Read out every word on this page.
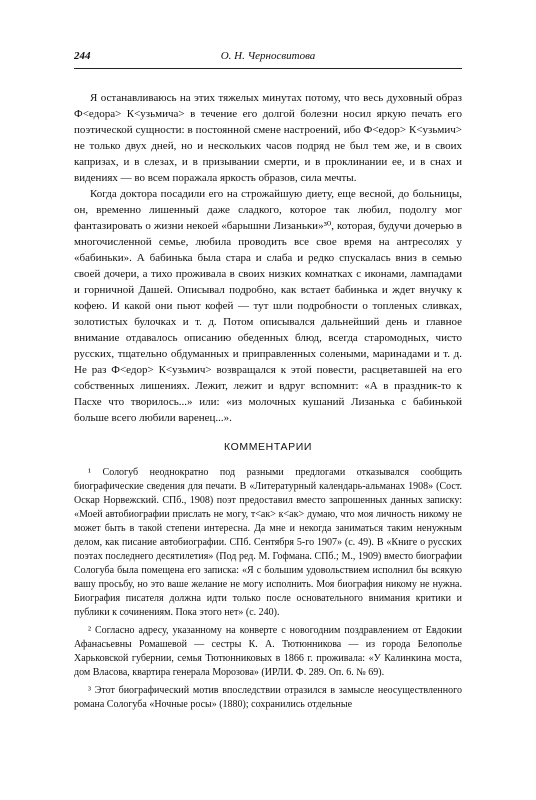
244	О. Н. Черносвитова

Я останавливаюсь на этих тяжелых минутах потому, что весь духовный образ Ф<едора> К<узьмича> в течение его долгой болезни носил яркую печать его поэтической сущности: в постоянной смене настроений, ибо Ф<едор> К<узьмич> не только двух дней, но и нескольких часов подряд не был тем же, и в своих капризах, и в слезах, и в призывании смерти, и в проклинании ее, и в снах и видениях — во всем поражала яркость образов, сила мечты.

Когда доктора посадили его на строжайшую диету, еще весной, до больницы, он, временно лишенный даже сладкого, которое так любил, подолгу мог фантазировать о жизни некоей «барышни Лизаньки»³⁰, которая, будучи дочерью в многочисленной семье, любила проводить все свое время на антресолях у «бабиньки». А бабинька была стара и слаба и редко спускалась вниз в семью своей дочери, а тихо проживала в своих низких комнатках с иконами, лампадами и горничной Дашей. Описывал подробно, как встает бабинька и ждет внучку к кофею. И какой они пьют кофей — тут шли подробности о топленых сливках, золотистых булочках и т. д. Потом описывался дальнейший день и главное внимание отдавалось описанию обеденных блюд, всегда старомодных, чисто русских, тщательно обдуманных и приправленных солеными, маринадами и т. д. Не раз Ф<едор> К<узьмич> возвращался к этой повести, расцветавшей на его собственных лишениях. Лежит, лежит и вдруг вспомнит: «А в праздник-то к Пасхе что творилось...» или: «из молочных кушаний Лизанька с бабинькой больше всего любили варенец...».

КОММЕНТАРИИ

¹ Сологуб неоднократно под разными предлогами отказывался сообщить биографические сведения для печати. В «Литературный календарь-альманах 1908» (Сост. Оскар Норвежский. СПб., 1908) поэт предоставил вместо запрошенных данных записку: «Моей автобиографии прислать не могу, т<ак> к<ак> думаю, что моя личность никому не может быть в такой степени интересна. Да мне и некогда заниматься таким ненужным делом, как писание автобиографии. СПб. Сентября 5-го 1907» (с. 49). В «Книге о русских поэтах последнего десятилетия» (Под ред. М. Гофмана. СПб.; М., 1909) вместо биографии Сологуба была помещена его записка: «Я с большим удовольствием исполнил бы всякую вашу просьбу, но это ваше желание не могу исполнить. Моя биография никому не нужна. Биография писателя должна идти только после основательного внимания критики и публики к сочинениям. Пока этого нет» (с. 240).

² Согласно адресу, указанному на конверте с новогодним поздравлением от Евдокии Афанасьевны Ромашевой — сестры К. А. Тютюнникова — из города Белополье Харьковской губернии, семья Тютюнниковых в 1866 г. проживала: «У Калинкина моста, дом Власова, квартира генерала Морозова» (ИРЛИ. Ф. 289. Оп. 6. № 69).

³ Этот биографический мотив впоследствии отразился в замысле неосуществленного романа Сологуба «Ночные росы» (1880); сохранились отдельные
